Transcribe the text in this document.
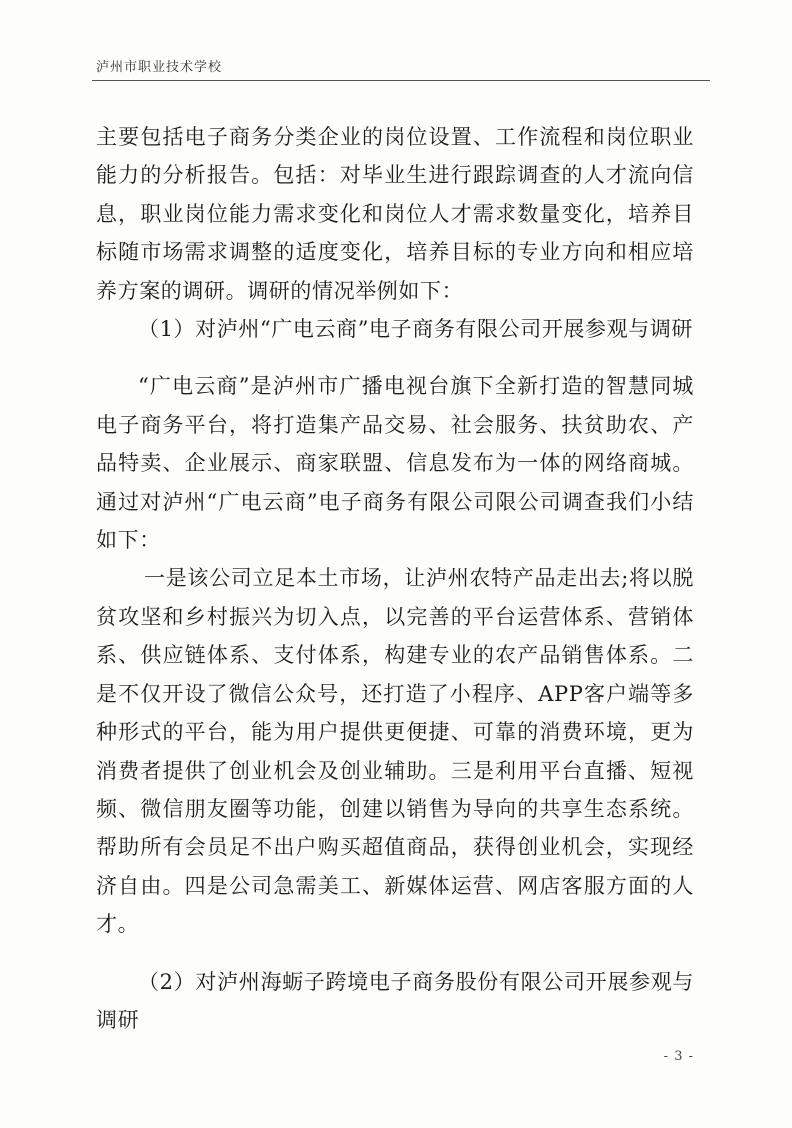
泸州市职业技术学校

主要包括电子商务分类企业的岗位设置、工作流程和岗位职业能力的分析报告。包括：对毕业生进行跟踪调查的人才流向信息，职业岗位能力需求变化和岗位人才需求数量变化，培养目标随市场需求调整的适度变化，培养目标的专业方向和相应培养方案的调研。调研的情况举例如下：

（1）对泸州“广电云商”电子商务有限公司开展参观与调研

“广电云商”是泸州市广播电视台旗下全新打造的智慧同城电子商务平台，将打造集产品交易、社会服务、扶贫助农、产品特卖、企业展示、商家联盟、信息发布为一体的网络商城。通过对泸州“广电云商”电子商务有限公司限公司调查我们小结如下：

一是该公司立足本土市场，让泸州农特产品走出去;将以脱贫攻坚和乡村振兴为切入点，以完善的平台运营体系、营销体系、供应链体系、支付体系，构建专业的农产品销售体系。二是不仅开设了微信公众号，还打造了小程序、APP客户端等多种形式的平台，能为用户提供更便捷、可靠的消费环境，更为消费者提供了创业机会及创业辅助。三是利用平台直播、短视频、微信朋友圈等功能，创建以销售为导向的共享生态系统。帮助所有会员足不出户购买超值商品，获得创业机会，实现经济自由。四是公司急需美工、新媒体运营、网店客服方面的人才。

（2）对泸州海蛎子跨境电子商务股份有限公司开展参观与调研

- 3 -
